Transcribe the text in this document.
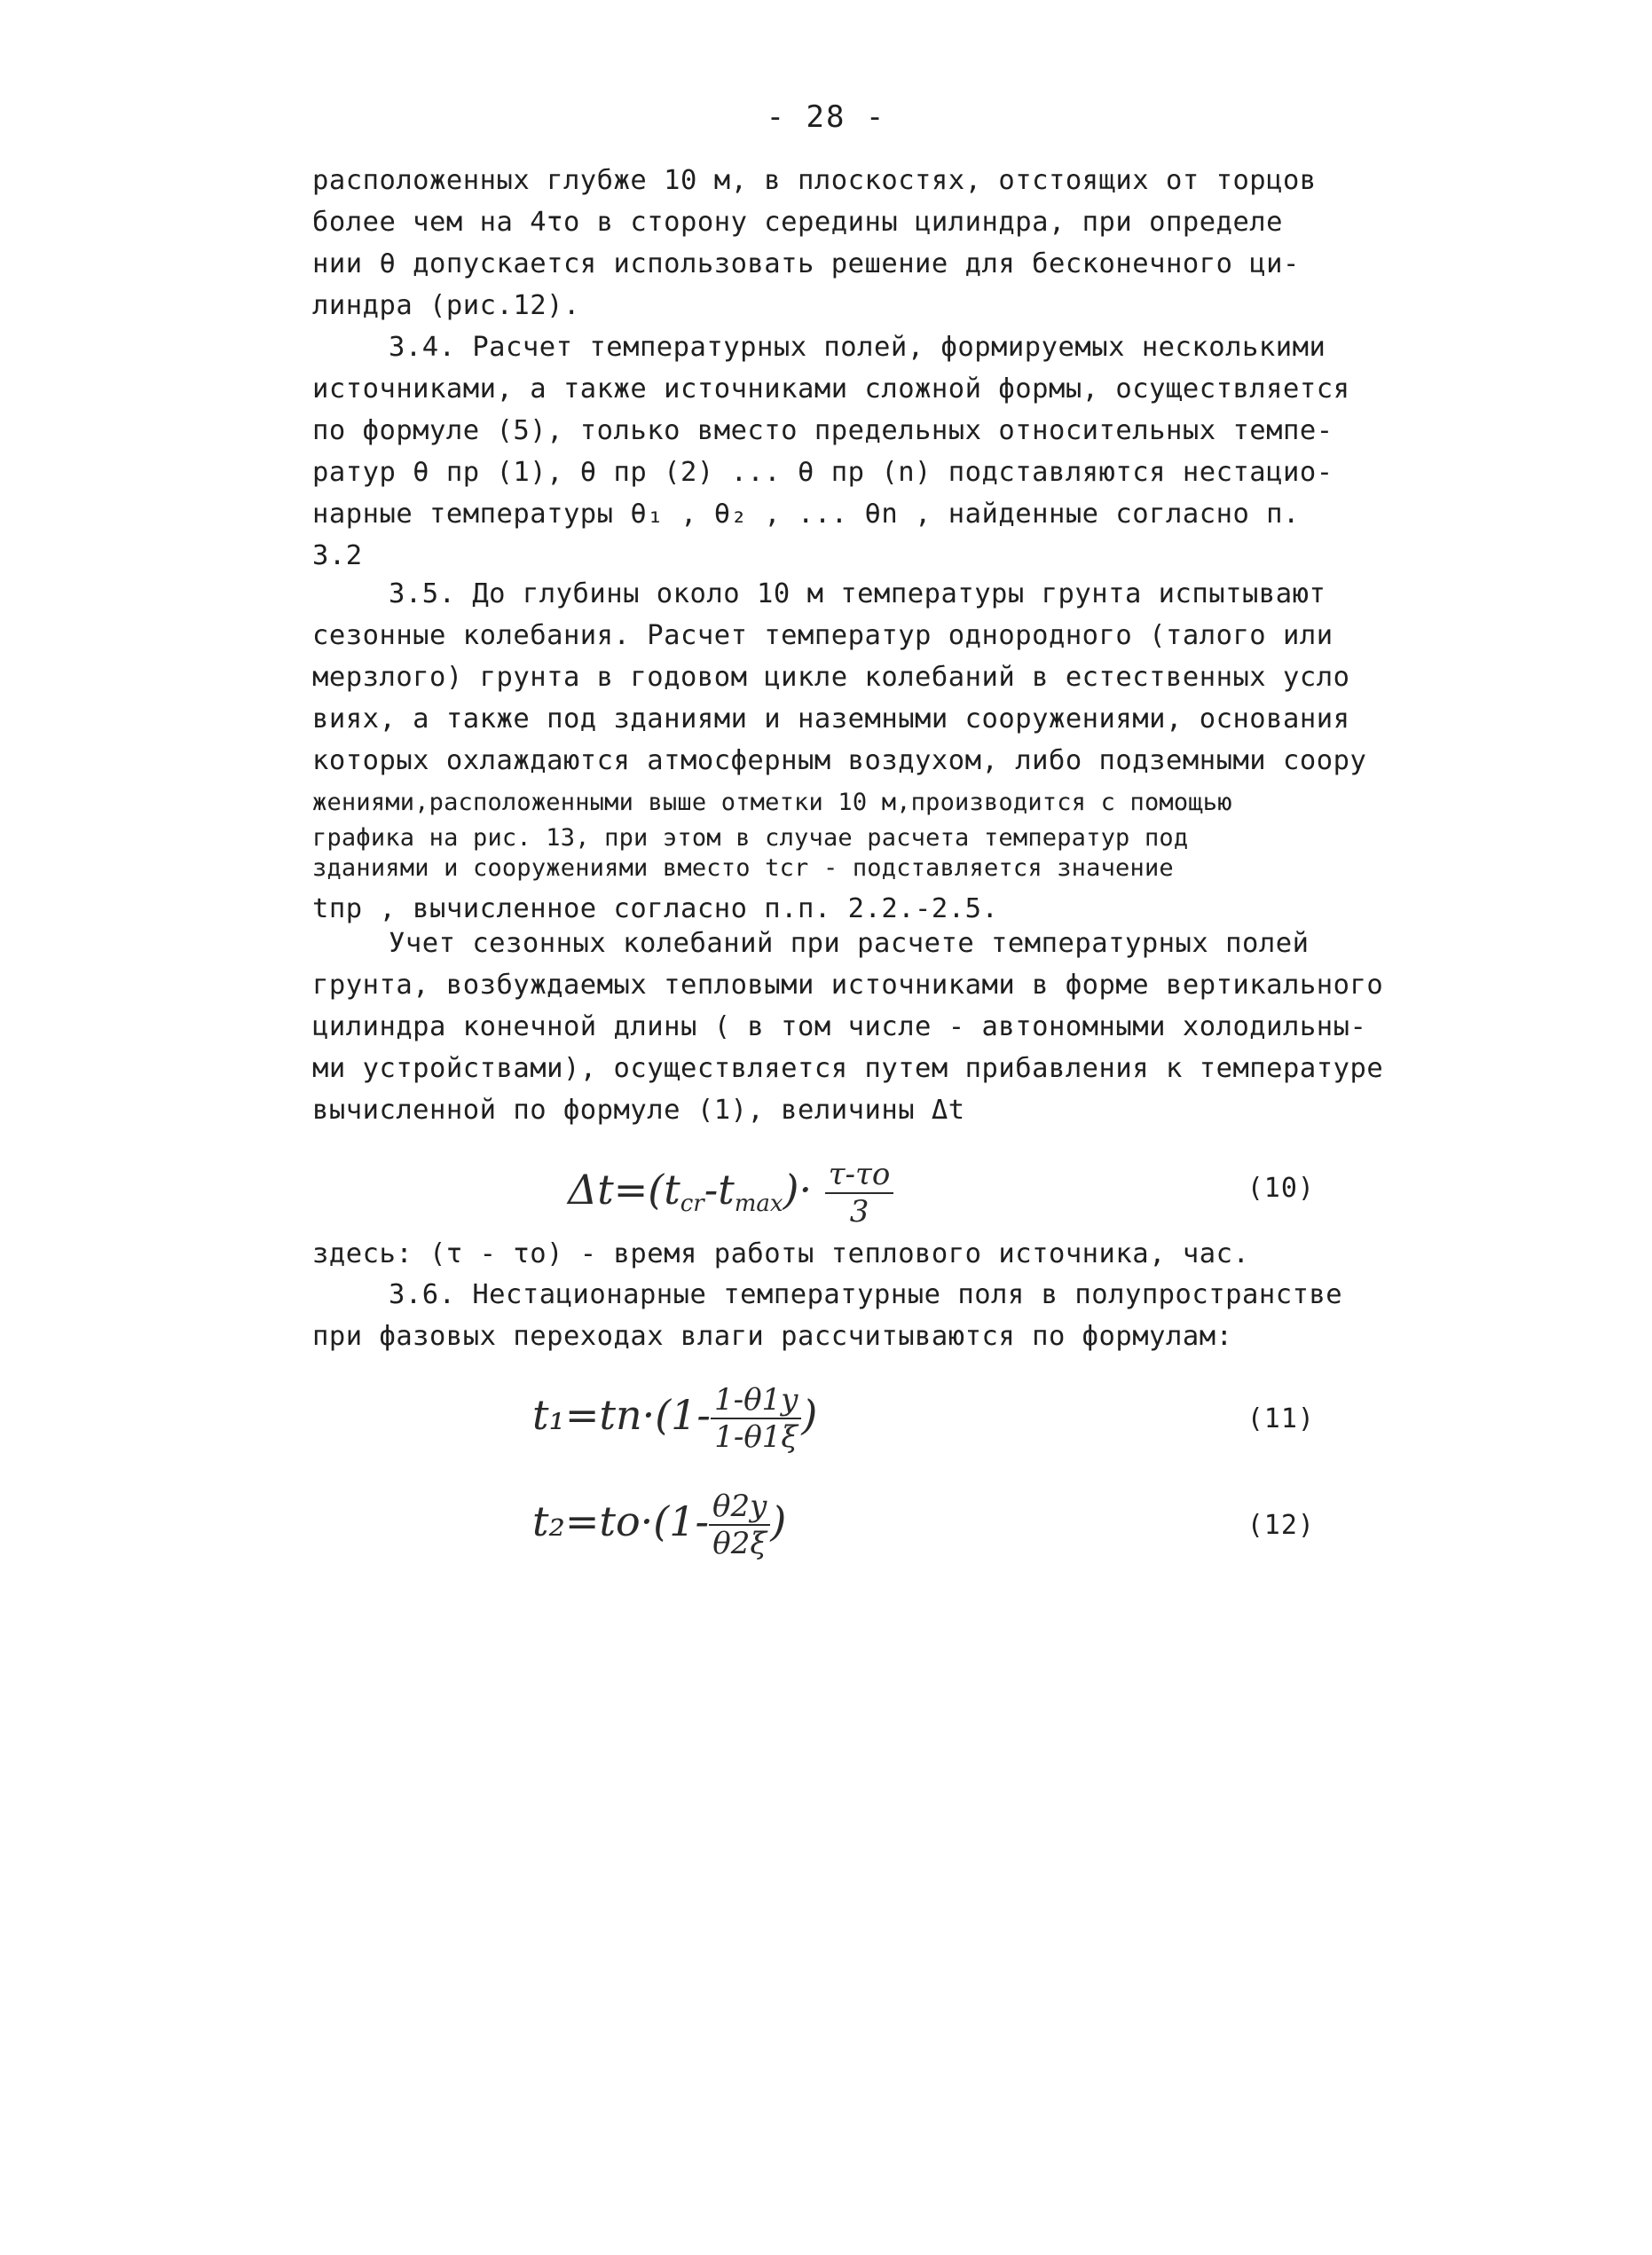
- 28 -
расположенных глубже 10 м, в плоскостях, отстоящих от торцов
более чем на 4τо в сторону середины цилиндра, при определе
нии θ допускается использовать решение для бесконечного ци-
линдра (рис.12).
3.4. Расчет температурных полей, формируемых несколькими
источниками, а также источниками сложной формы, осуществляется
по формуле (5), только вместо предельных относительных темпе-
ратур θ пр (1), θ пр (2) ... θ пр (n) подставляются нестацио-
нарные температуры θ₁ , θ₂ , ... θn , найденные согласно п.
3.2
3.5. До глубины около 10 м температуры грунта испытывают
сезонные колебания. Расчет температур однородного (талого или
мерзлого) грунта в годовом цикле колебаний в естественных усло
виях, а также под зданиями и наземными сооружениями, основания
которых охлаждаются атмосферным воздухом, либо подземными соору
жениями,расположенными выше отметки 10 м,производится с помощью
графика на рис. 13, при этом в случае расчета температур под
зданиями и сооружениями вместо tcr - подставляется значение
tпр , вычисленное согласно п.п. 2.2.-2.5.
Учет сезонных колебаний при расчете температурных полей
грунта, возбуждаемых тепловыми источниками в форме вертикального
цилиндра конечной длины ( в том числе - автономными холодильны-
ми устройствами), осуществляется путем прибавления к температуре
вычисленной по формуле (1), величины Δt
$\Delta t=(t_{cr}-t_{max})\cdot \frac{\tau-\tau о}{3}$	(10)
здесь: (τ - τо) - время работы теплового источника, час.
3.6. Нестационарные температурные поля в полупространстве
при фазовых переходах влаги рассчитываются по формулам:
$t_1=tп\cdot(1- \frac{1-\theta 1y}{1-\theta 1\xi}$ )	(11)
$t_2=tо\cdot(1- \frac{\theta 2y}{\theta 2\xi}$ )	(12)
